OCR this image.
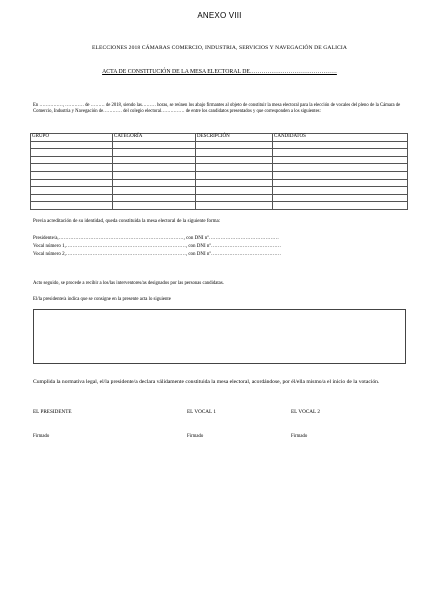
ANEXO VIII
ELECCIONES 2018 CÁMARAS COMERCIO, INDUSTRIA, SERVICIOS Y NAVEGACIÓN DE GALICIA
ACTA DE CONSTITUCIÓN DE LA MESA ELECTORAL DE………………………………………
En ……………, ………… de ……… de 2018, siendo las……… horas, se reúnen los abajo firmantes al objeto de constituir la mesa electoral para la elección de vocales del pleno de la Cámara de Comercio, Industria y Navegación de………… del colegio electoral…………… de entre los candidatos presentados y que corresponden a los siguientes:
GRUPO	CATEGORÍA	DESCRIPCIÓN	CANDIDATOS

Previa acreditación de su identidad, queda constituida la mesa electoral de la siguiente forma:
Presidente/a,…………………………………………………………………, con DNI nº……………………………………
Vocal número 1,………………………………………………………………, con DNI nº……………………………………
Vocal número 2,………………………………………………………………, con DNI nº……………………………………
Acto seguido, se procede a recibir a los/las interventores/as designados por las personas candidatas.
El/la presidente/a indica que se consigne en la presente acta lo siguiente
Cumplida la normativa legal, el/la presidente/a declara válidamente constituida la mesa electoral, acordándose, por él/ella mismo/a el inicio de la votación.
EL PRESIDENTE	EL VOCAL 1	EL VOCAL 2
Firmado	Firmado	Firmado
